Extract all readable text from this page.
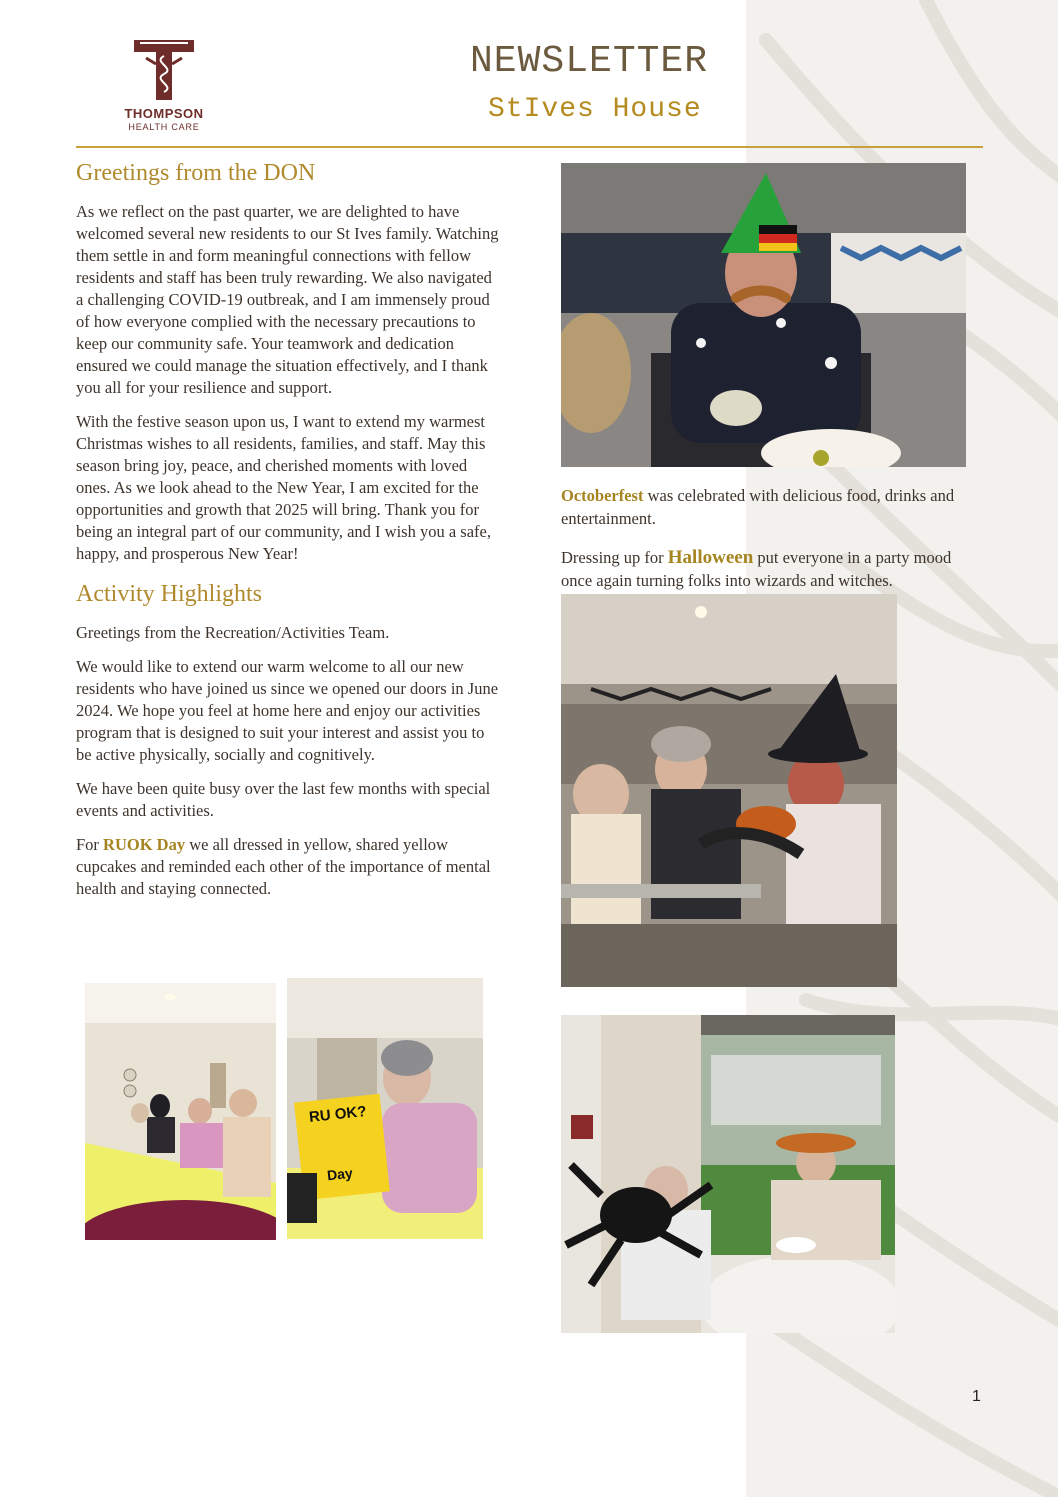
THOMPSON
HEALTH CARE
NEWSLETTER
StIves House
Greetings from the DON

As we reflect on the past quarter, we are delighted to have welcomed several new residents to our St Ives family. Watching them settle in and form meaningful connections with fellow residents and staff has been truly rewarding. We also navigated a challenging COVID-19 outbreak, and I am immensely proud of how everyone complied with the necessary precautions to keep our community safe. Your teamwork and dedication ensured we could manage the situation effectively, and I thank you all for your resilience and support.

With the festive season upon us, I want to extend my warmest Christmas wishes to all residents, families, and staff. May this season bring joy, peace, and cherished moments with loved ones. As we look ahead to the New Year, I am excited for the opportunities and growth that 2025 will bring. Thank you for being an integral part of our community, and I wish you a safe, happy, and prosperous New Year!

Activity Highlights

Greetings from the Recreation/Activities Team.

We would like to extend our warm welcome to all our new residents who have joined us since we opened our doors in June 2024. We hope you feel at home here and enjoy our activities program that is designed to suit your interest and assist you to be active physically, socially and cognitively.

We have been quite busy over the last few months with special events and activities.

For RUOK Day we all dressed in yellow, shared yellow cupcakes and reminded each other of the importance of mental health and staying connected.

RU OK?
Day
Octoberfest was celebrated with delicious food, drinks and entertainment.
Dressing up for Halloween put everyone in a party mood once again turning folks into wizards and witches.
1
